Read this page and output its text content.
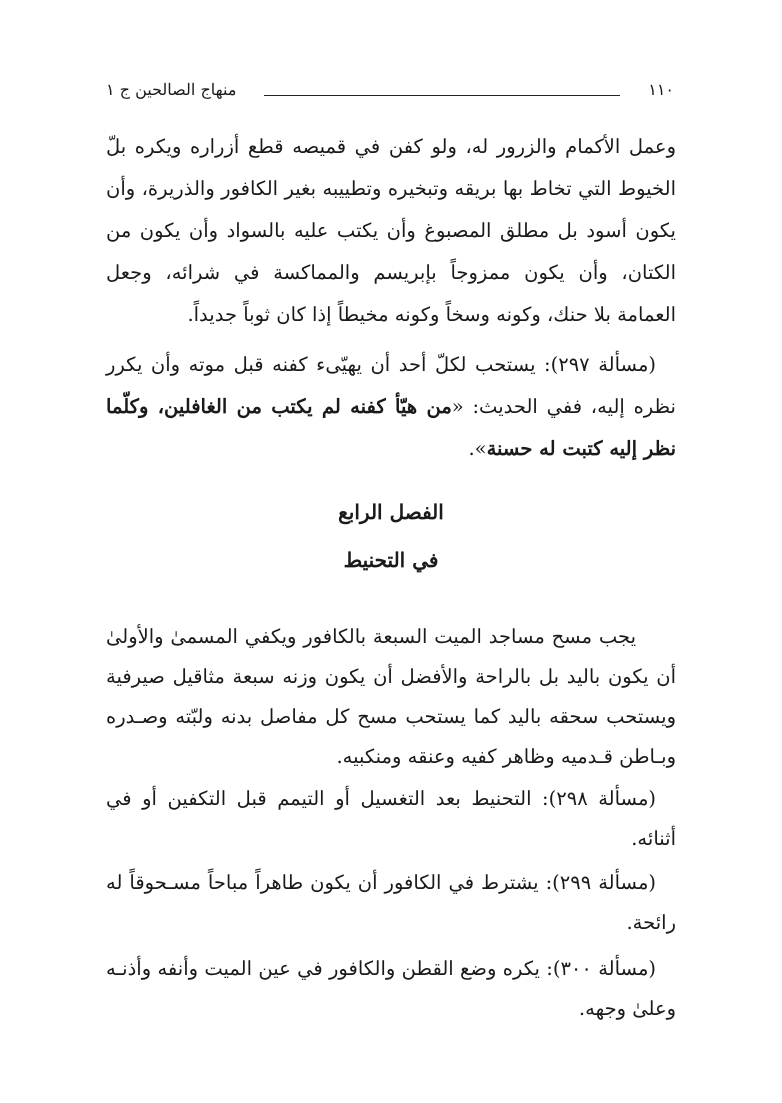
١١٠
منهاج الصالحين ج ١

وعمل الأكمام والزرور له، ولو كفن في قميصه قطع أزراره ويكره بلّ الخيوط التي تخاط بها بريقه وتبخيره وتطييبه بغير الكافور والذريرة، وأن يكون أسود بل مطلق المصبوغ وأن يكتب عليه بالسواد وأن يكون من الكتان، وأن يكون ممزوجاً بإبريسم والمماكسة في شرائه، وجعل العمامة بلا حنك، وكونه وسخاً وكونه مخيطاً إذا كان ثوباً جديداً.

(مسألة ٢٩٧): يستحب لكلّ أحد أن يهيّىء كفنه قبل موته وأن يكرر نظره إليه، ففي الحديث: «من هيّأ كفنه لم يكتب من الغافلين، وكلّما نظر إليه كتبت له حسنة».

الفصل الرابع
في التحنيط

يجب مسح مساجد الميت السبعة بالكافور ويكفي المسمىٰ والأولىٰ أن يكون باليد بل بالراحة والأفضل أن يكون وزنه سبعة مثاقيل صيرفية ويستحب سحقه باليد كما يستحب مسح كل مفاصل بدنه ولبّته وصـدره وبـاطن قـدميه وظاهر كفيه وعنقه ومنكبيه.

(مسألة ٢٩٨): التحنيط بعد التغسيل أو التيمم قبل التكفين أو في أثنائه.

(مسألة ٢٩٩): يشترط في الكافور أن يكون طاهراً مباحاً مسـحوقاً له رائحة.

(مسألة ٣٠٠): يكره وضع القطن والكافور في عين الميت وأنفه وأذنـه وعلىٰ وجهه.
